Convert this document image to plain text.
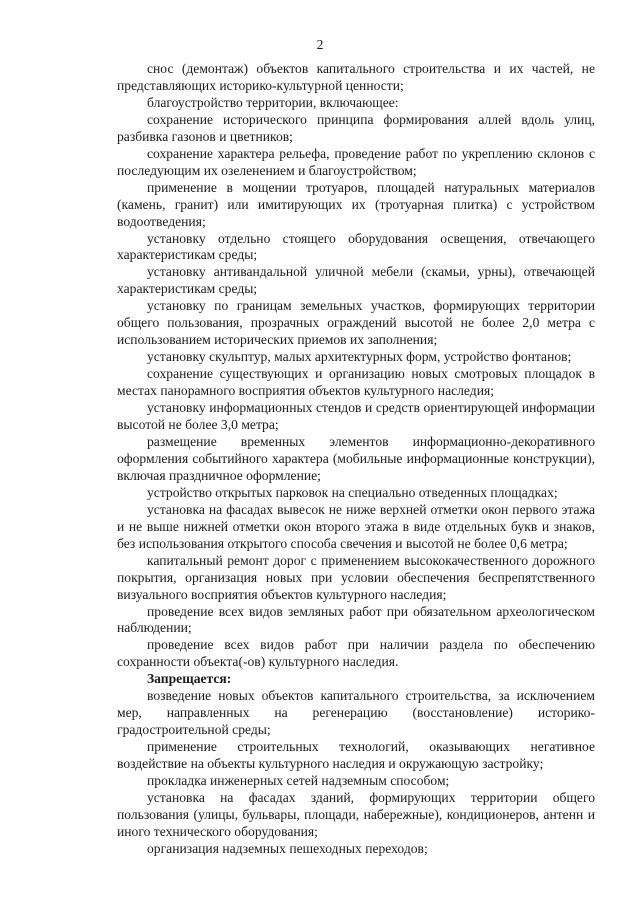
2

снос (демонтаж) объектов капитального строительства и их частей, не представляющих историко-культурной ценности;

благоустройство территории, включающее:

сохранение исторического принципа формирования аллей вдоль улиц, разбивка газонов и цветников;

сохранение характера рельефа, проведение работ по укреплению склонов с последующим их озеленением и благоустройством;

применение в мощении тротуаров, площадей натуральных материалов (камень, гранит) или имитирующих их (тротуарная плитка) с устройством водоотведения;

установку отдельно стоящего оборудования освещения, отвечающего характеристикам среды;

установку антивандальной уличной мебели (скамьи, урны), отвечающей характеристикам среды;

установку по границам земельных участков, формирующих территории общего пользования, прозрачных ограждений высотой не более 2,0 метра с использованием исторических приемов их заполнения;

установку скульптур, малых архитектурных форм, устройство фонтанов;

сохранение существующих и организацию новых смотровых площадок в местах панорамного восприятия объектов культурного наследия;

установку информационных стендов и средств ориентирующей информации высотой не более 3,0 метра;

размещение временных элементов информационно-декоративного оформления событийного характера (мобильные информационные конструкции), включая праздничное оформление;

устройство открытых парковок на специально отведенных площадках;

установка на фасадах вывесок не ниже верхней отметки окон первого этажа и не выше нижней отметки окон второго этажа в виде отдельных букв и знаков, без использования открытого способа свечения и высотой не более 0,6 метра;

капитальный ремонт дорог с применением высококачественного дорожного покрытия, организация новых при условии обеспечения беспрепятственного визуального восприятия объектов культурного наследия;

проведение всех видов земляных работ при обязательном археологическом наблюдении;

проведение всех видов работ при наличии раздела по обеспечению сохранности объекта(-ов) культурного наследия.

Запрещается:

возведение новых объектов капитального строительства, за исключением мер, направленных на регенерацию (восстановление) историко-градостроительной среды;

применение строительных технологий, оказывающих негативное воздействие на объекты культурного наследия и окружающую застройку;

прокладка инженерных сетей надземным способом;

установка на фасадах зданий, формирующих территории общего пользования (улицы, бульвары, площади, набережные), кондиционеров, антенн и иного технического оборудования;

организация надземных пешеходных переходов;
